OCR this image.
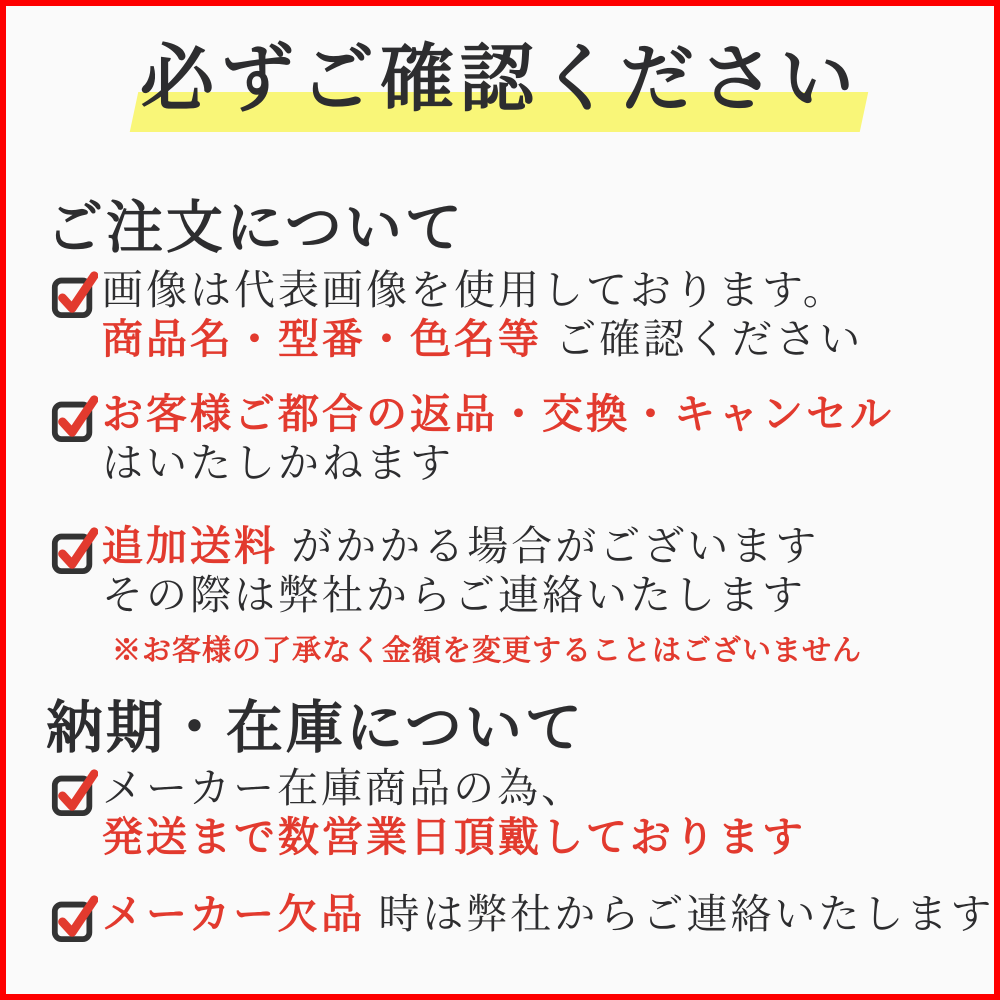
必ずご確認ください
ご注文について

画像は代表画像を使用しております。

商品名・型番・色名等 ご確認ください

お客様ご都合の返品・交換・キャンセル

はいたしかねます

追加送料 がかかる場合がございます

その際は弊社からご連絡いたします

※お客様の了承なく金額を変更することはございません

納期・在庫について

メーカー在庫商品の為、

発送まで数営業日頂戴しております

メーカー欠品 時は弊社からご連絡いたします
